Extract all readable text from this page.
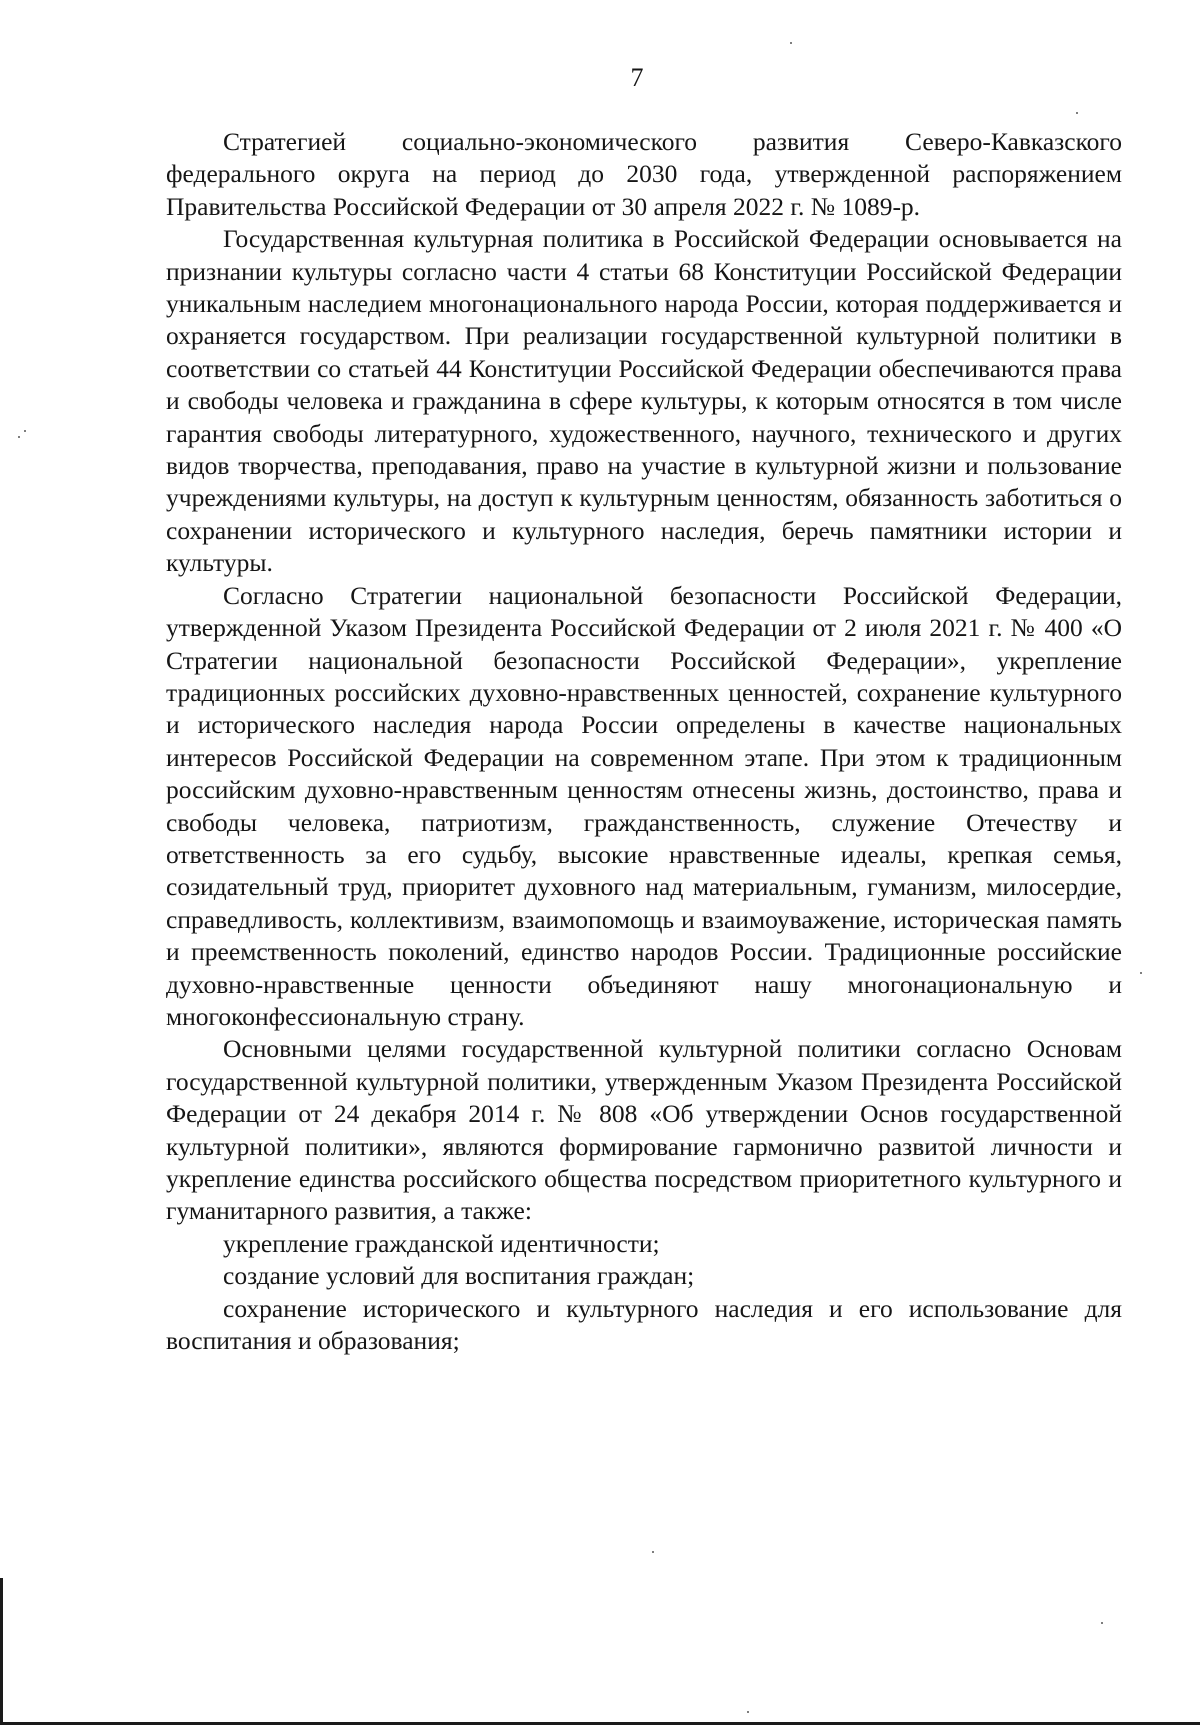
7

Стратегией социально-экономического развития Северо-Кавказского федерального округа на период до 2030 года, утвержденной распоряжением Правительства Российской Федерации от 30 апреля 2022 г. № 1089-р.

Государственная культурная политика в Российской Федерации основывается на признании культуры согласно части 4 статьи 68 Конституции Российской Федерации уникальным наследием многонационального народа России, которая поддерживается и охраняется государством. При реализации государственной культурной политики в соответствии со статьей 44 Конституции Российской Федерации обеспечиваются права и свободы человека и гражданина в сфере культуры, к которым относятся в том числе гарантия свободы литературного, художественного, научного, технического и других видов творчества, преподавания, право на участие в культурной жизни и пользование учреждениями культуры, на доступ к культурным ценностям, обязанность заботиться о сохранении исторического и культурного наследия, беречь памятники истории и культуры.

Согласно Стратегии национальной безопасности Российской Федерации, утвержденной Указом Президента Российской Федерации от 2 июля 2021 г. № 400 «О Стратегии национальной безопасности Российской Федерации», укрепление традиционных российских духовно-нравственных ценностей, сохранение культурного и исторического наследия народа России определены в качестве национальных интересов Российской Федерации на современном этапе. При этом к традиционным российским духовно-нравственным ценностям отнесены жизнь, достоинство, права и свободы человека, патриотизм, гражданственность, служение Отечеству и ответственность за его судьбу, высокие нравственные идеалы, крепкая семья, созидательный труд, приоритет духовного над материальным, гуманизм, милосердие, справедливость, коллективизм, взаимопомощь и взаимоуважение, историческая память и преемственность поколений, единство народов России. Традиционные российские духовно-нравственные ценности объединяют нашу многонациональную и многоконфессиональную страну.

Основными целями государственной культурной политики согласно Основам государственной культурной политики, утвержденным Указом Президента Российской Федерации от 24 декабря 2014 г. № 808 «Об утверждении Основ государственной культурной политики», являются формирование гармонично развитой личности и укрепление единства российского общества посредством приоритетного культурного и гуманитарного развития, а также:

укрепление гражданской идентичности;

создание условий для воспитания граждан;

сохранение исторического и культурного наследия и его использование для воспитания и образования;
